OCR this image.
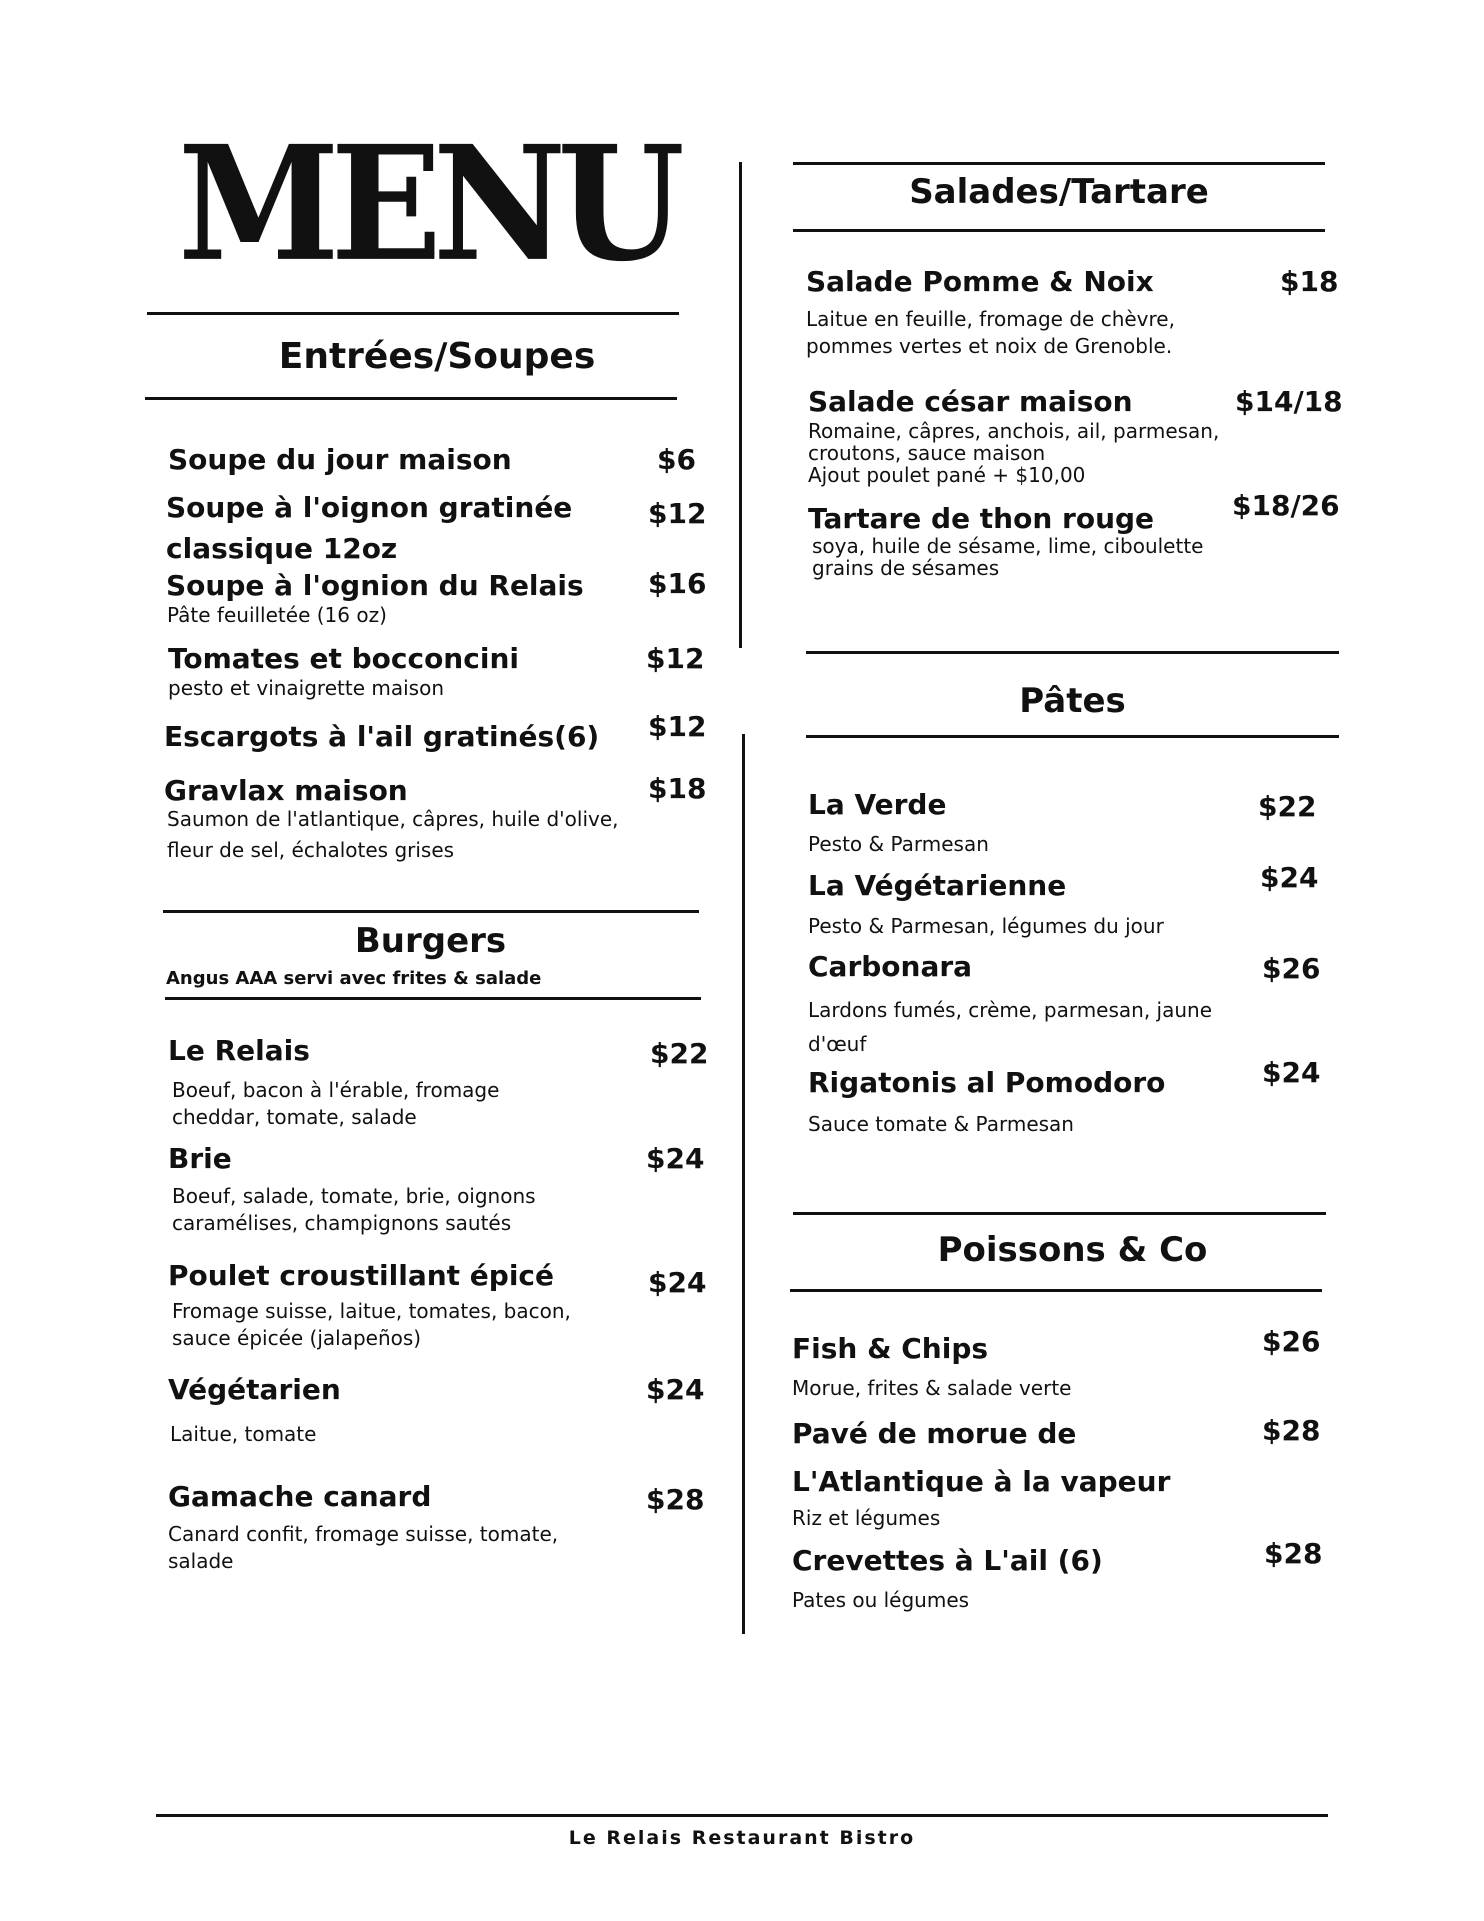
MENU
Entrées/Soupes
Soupe du jour maison	$6
Soupe à l'oignon gratinée classique 12oz
$12
Soupe à l'ognion du Relais
Pâte feuilletée (16 oz)
$16
Tomates et bocconcini
pesto et vinaigrette maison
$12
Escargots à l'ail gratinés(6) $12
Gravlax maison
Saumon de l'atlantique, câpres, huile d'olive, fleur de sel, échalotes grises
$18
Burgers
Angus AAA servi avec frites & salade
Le Relais
Boeuf, bacon à l'érable, fromage cheddar, tomate, salade
$22
Brie
Boeuf, salade, tomate, brie, oignons caramélises, champignons sautés
$24
Poulet croustillant épicé
Fromage suisse, laitue, tomates, bacon, sauce épicée (jalapeños)
$24
Végétarien
Laitue, tomate
$24
Gamache canard
Canard confit, fromage suisse, tomate, salade
$28
Salades/Tartare
Salade Pomme & Noix
Laitue en feuille, fromage de chèvre, pommes vertes et noix de Grenoble.
$18
Salade césar maison
Romaine, câpres, anchois, ail, parmesan, croutons, sauce maison
Ajout poulet pané + $10,00
$14/18
Tartare de thon rouge
soya, huile de sésame, lime, ciboulette grains de sésames
$18/26
Pâtes
La Verde
Pesto & Parmesan
$22
La Végétarienne
Pesto & Parmesan, légumes du jour
$24
Carbonara
Lardons fumés, crème, parmesan, jaune d'œuf
$26
Rigatonis al Pomodoro
Sauce tomate & Parmesan
$24
Poissons & Co
Fish & Chips
Morue, frites & salade verte
$26
Pavé de morue de L'Atlantique à la vapeur
Riz et légumes
$28
Crevettes à L'ail (6)
Pates ou légumes
$28
Le Relais Restaurant Bistro
